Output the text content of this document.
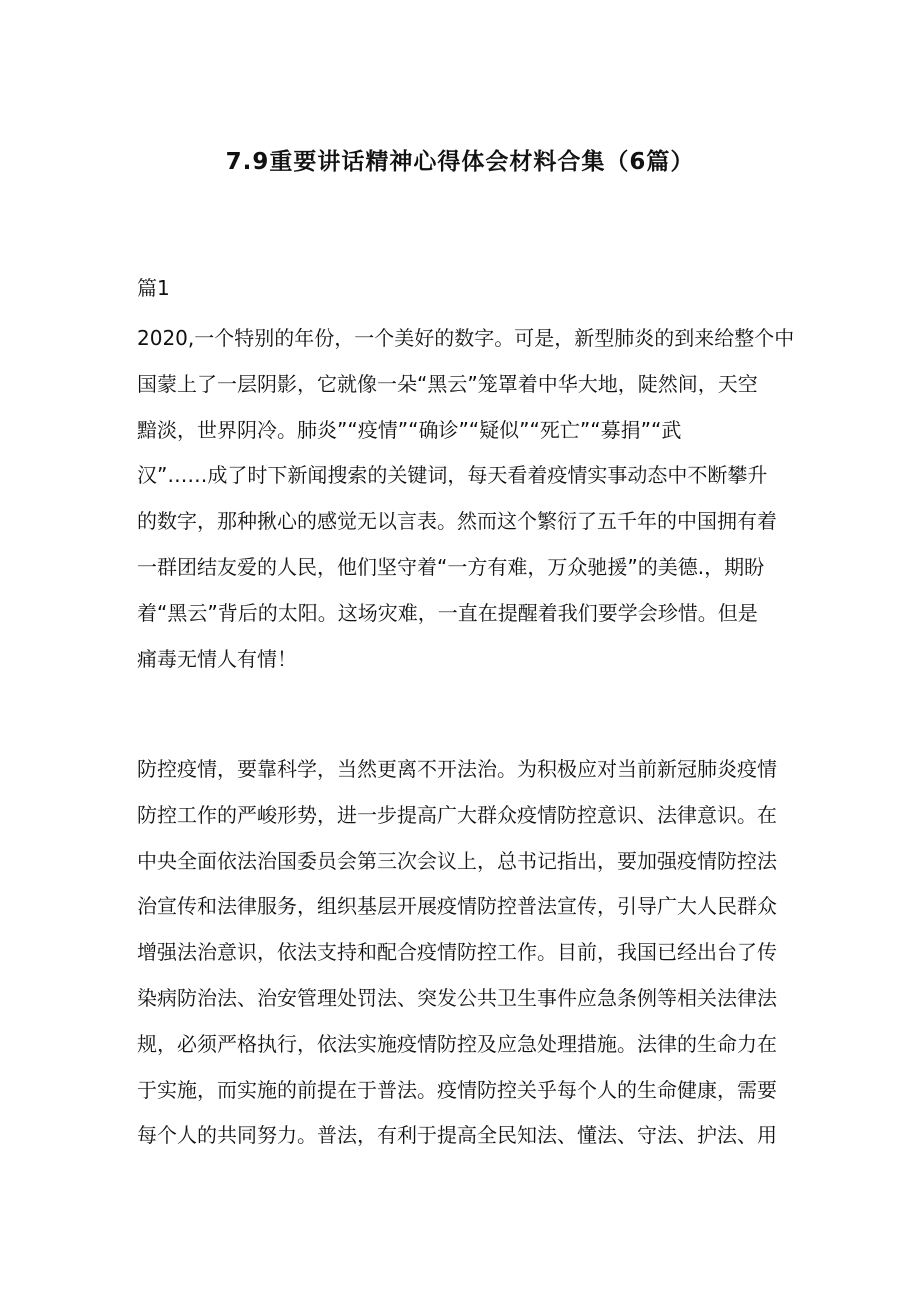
7.9重要讲话精神心得体会材料合集（6篇）
篇1
2020,一个特别的年份，一个美好的数字。可是，新型肺炎的到来给整个中
国蒙上了一层阴影，它就像一朵“黑云”笼罩着中华大地，陡然间，天空
黯淡，世界阴冷。肺炎”“疫情”“确诊”“疑似”“死亡”“募捐”“武
汉”……成了时下新闻搜索的关键词，每天看着疫情实事动态中不断攀升
的数字，那种揪心的感觉无以言表。然而这个繁衍了五千年的中国拥有着
一群团结友爱的人民，他们坚守着“一方有难，万众驰援”的美德.，期盼
着“黑云”背后的太阳。这场灾难，一直在提醒着我们要学会珍惜。但是
痛毒无情人有情！
防控疫情，要靠科学，当然更离不开法治。为积极应对当前新冠肺炎疫情
防控工作的严峻形势，进一步提高广大群众疫情防控意识、法律意识。在
中央全面依法治国委员会第三次会议上，总书记指出，要加强疫情防控法
治宣传和法律服务，组织基层开展疫情防控普法宣传，引导广大人民群众
增强法治意识，依法支持和配合疫情防控工作。目前，我国已经出台了传
染病防治法、治安管理处罚法、突发公共卫生事件应急条例等相关法律法
规，必须严格执行，依法实施疫情防控及应急处理措施。法律的生命力在
于实施，而实施的前提在于普法。疫情防控关乎每个人的生命健康，需要
每个人的共同努力。普法，有利于提高全民知法、懂法、守法、护法、用
